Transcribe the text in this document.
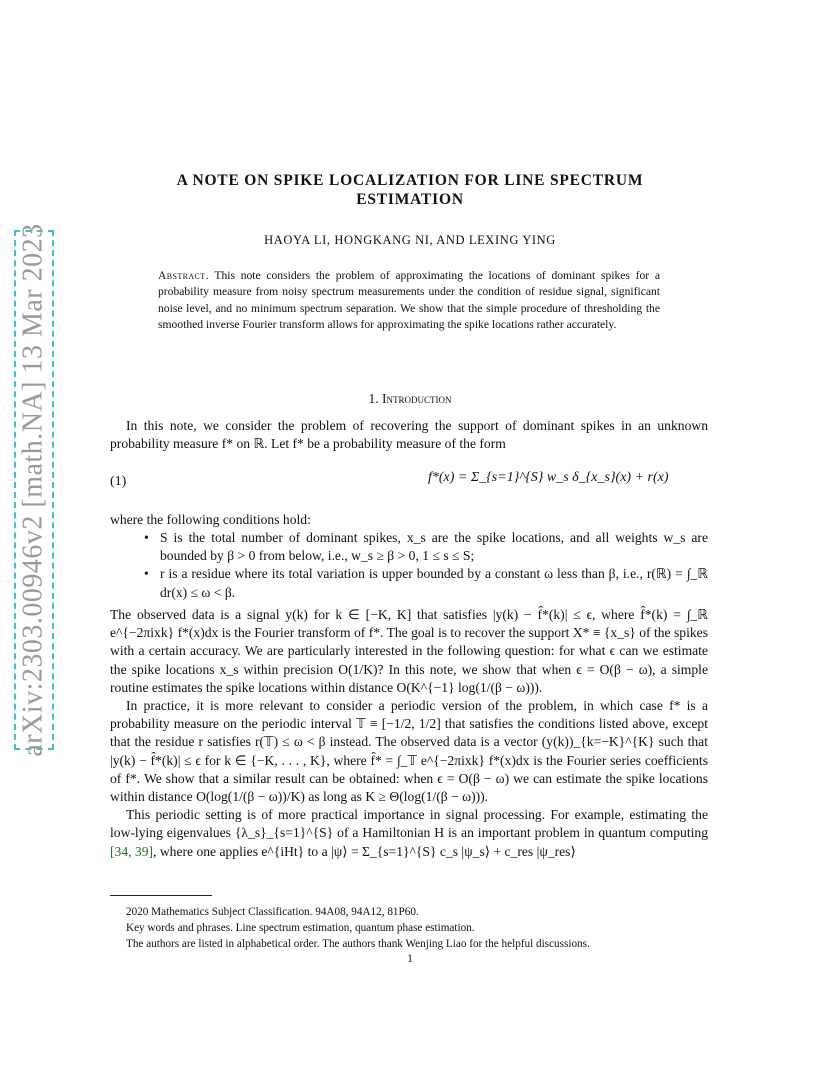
arXiv:2303.00946v2 [math.NA] 13 Mar 2023
A NOTE ON SPIKE LOCALIZATION FOR LINE SPECTRUM
ESTIMATION
HAOYA LI, HONGKANG NI, AND LEXING YING
Abstract. This note considers the problem of approximating the locations of dominant spikes for a probability measure from noisy spectrum measurements under the condition of residue signal, significant noise level, and no minimum spectrum separation. We show that the simple procedure of thresholding the smoothed inverse Fourier transform allows for approximating the spike locations rather accurately.
1. Introduction

In this note, we consider the problem of recovering the support of dominant spikes in an unknown probability measure f* on ℝ. Let f* be a probability measure of the form

(1)	f*(x) = Σ_{s=1}^{S} w_s δ_{x_s}(x) + r(x)

where the following conditions hold:

• S is the total number of dominant spikes, x_s are the spike locations, and all weights w_s are bounded by β > 0 from below, i.e., w_s ≥ β > 0, 1 ≤ s ≤ S;

• r is a residue where its total variation is upper bounded by a constant ω less than β, i.e., r(ℝ) = ∫_ℝ dr(x) ≤ ω < β.

The observed data is a signal y(k) for k ∈ [−K, K] that satisfies |y(k) − f̂*(k)| ≤ ϵ, where f̂*(k) = ∫_ℝ e^{−2πixk} f*(x)dx is the Fourier transform of f*. The goal is to recover the support X* ≡ {x_s} of the spikes with a certain accuracy. We are particularly interested in the following question: for what ϵ can we estimate the spike locations x_s within precision O(1/K)? In this note, we show that when ϵ = O(β − ω), a simple routine estimates the spike locations within distance O(K^{−1} log(1/(β − ω))).

In practice, it is more relevant to consider a periodic version of the problem, in which case f* is a probability measure on the periodic interval 𝕋 ≡ [−1/2, 1/2] that satisfies the conditions listed above, except that the residue r satisfies r(𝕋) ≤ ω < β instead. The observed data is a vector (y(k))_{k=−K}^{K} such that |y(k) − f̂*(k)| ≤ ϵ for k ∈ {−K, . . . , K}, where f̂* = ∫_𝕋 e^{−2πixk} f*(x)dx is the Fourier series coefficients of f*. We show that a similar result can be obtained: when ϵ = O(β − ω) we can estimate the spike locations within distance O(log(1/(β − ω))/K) as long as K ≥ Θ(log(1/(β − ω))).

This periodic setting is of more practical importance in signal processing. For example, estimating the low-lying eigenvalues {λ_s}_{s=1}^{S} of a Hamiltonian H is an important problem in quantum computing [34, 39], where one applies e^{iHt} to a |ψ⟩ = Σ_{s=1}^{S} c_s |ψ_s⟩ + c_res |ψ_res⟩

2020 Mathematics Subject Classification. 94A08, 94A12, 81P60.
Key words and phrases. Line spectrum estimation, quantum phase estimation.
The authors are listed in alphabetical order. The authors thank Wenjing Liao for the helpful discussions.
1
